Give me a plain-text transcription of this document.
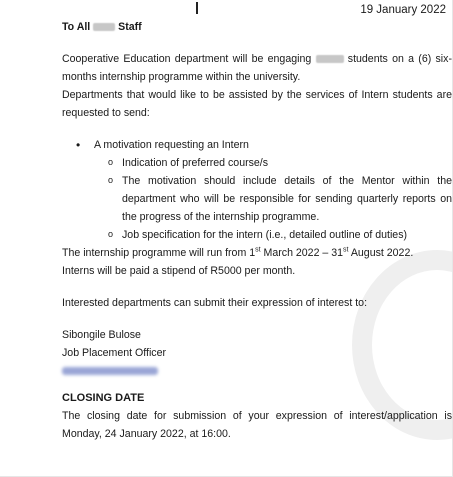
19 January 2022
To All	Staff
Cooperative Education department will be engaging	students on a (6) six-months internship programme within the university.
Departments that would like to be assisted by the services of Intern students are requested to send:
• A motivation requesting an Intern
o Indication of preferred course/s
o The motivation should include details of the Mentor within the department who will be responsible for sending quarterly reports on the progress of the internship programme.
o Job specification for the intern (i.e., detailed outline of duties)
The internship programme will run from 1st March 2022 – 31st August 2022.
Interns will be paid a stipend of R5000 per month.
Interested departments can submit their expression of interest to:
Sibongile Bulose
Job Placement Officer
CLOSING DATE
The closing date for submission of your expression of interest/application is Monday, 24 January 2022, at 16:00.
